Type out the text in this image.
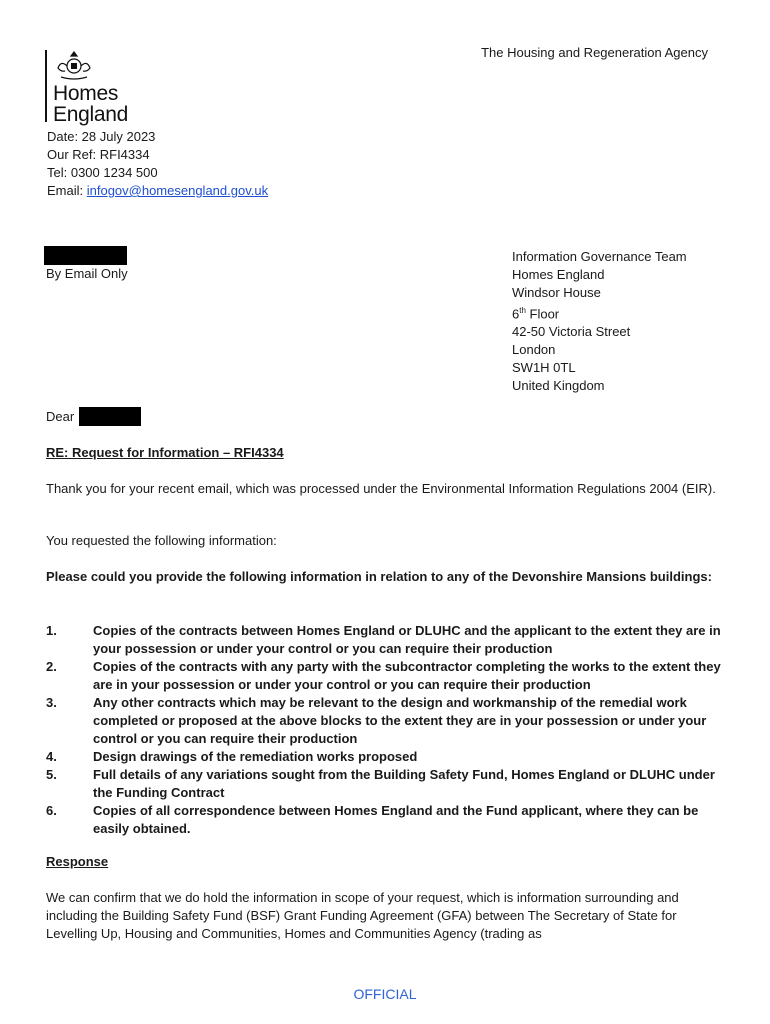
Homes
England
The Housing and Regeneration Agency
Date: 28 July 2023
Our Ref: RFI4334
Tel: 0300 1234 500
Email: infogov@homesengland.gov.uk
By Email Only
Information Governance Team
Homes England
Windsor House
6th Floor
42-50 Victoria Street
London
SW1H 0TL
United Kingdom
Dear
RE: Request for Information – RFI4334
Thank you for your recent email, which was processed under the Environmental Information Regulations 2004 (EIR).
You requested the following information:
Please could you provide the following information in relation to any of the Devonshire Mansions buildings:
1.	Copies of the contracts between Homes England or DLUHC and the applicant to the extent they are in your possession or under your control or you can require their production
2.	Copies of the contracts with any party with the subcontractor completing the works to the extent they are in your possession or under your control or you can require their production
3.	Any other contracts which may be relevant to the design and workmanship of the remedial work completed or proposed at the above blocks to the extent they are in your possession or under your control or you can require their production
4.	Design drawings of the remediation works proposed
5.	Full details of any variations sought from the Building Safety Fund, Homes England or DLUHC under the Funding Contract
6.	Copies of all correspondence between Homes England and the Fund applicant, where they can be easily obtained.
Response
We can confirm that we do hold the information in scope of your request, which is information surrounding and including the Building Safety Fund (BSF) Grant Funding Agreement (GFA) between The Secretary of State for Levelling Up, Housing and Communities, Homes and Communities Agency (trading as
OFFICIAL
